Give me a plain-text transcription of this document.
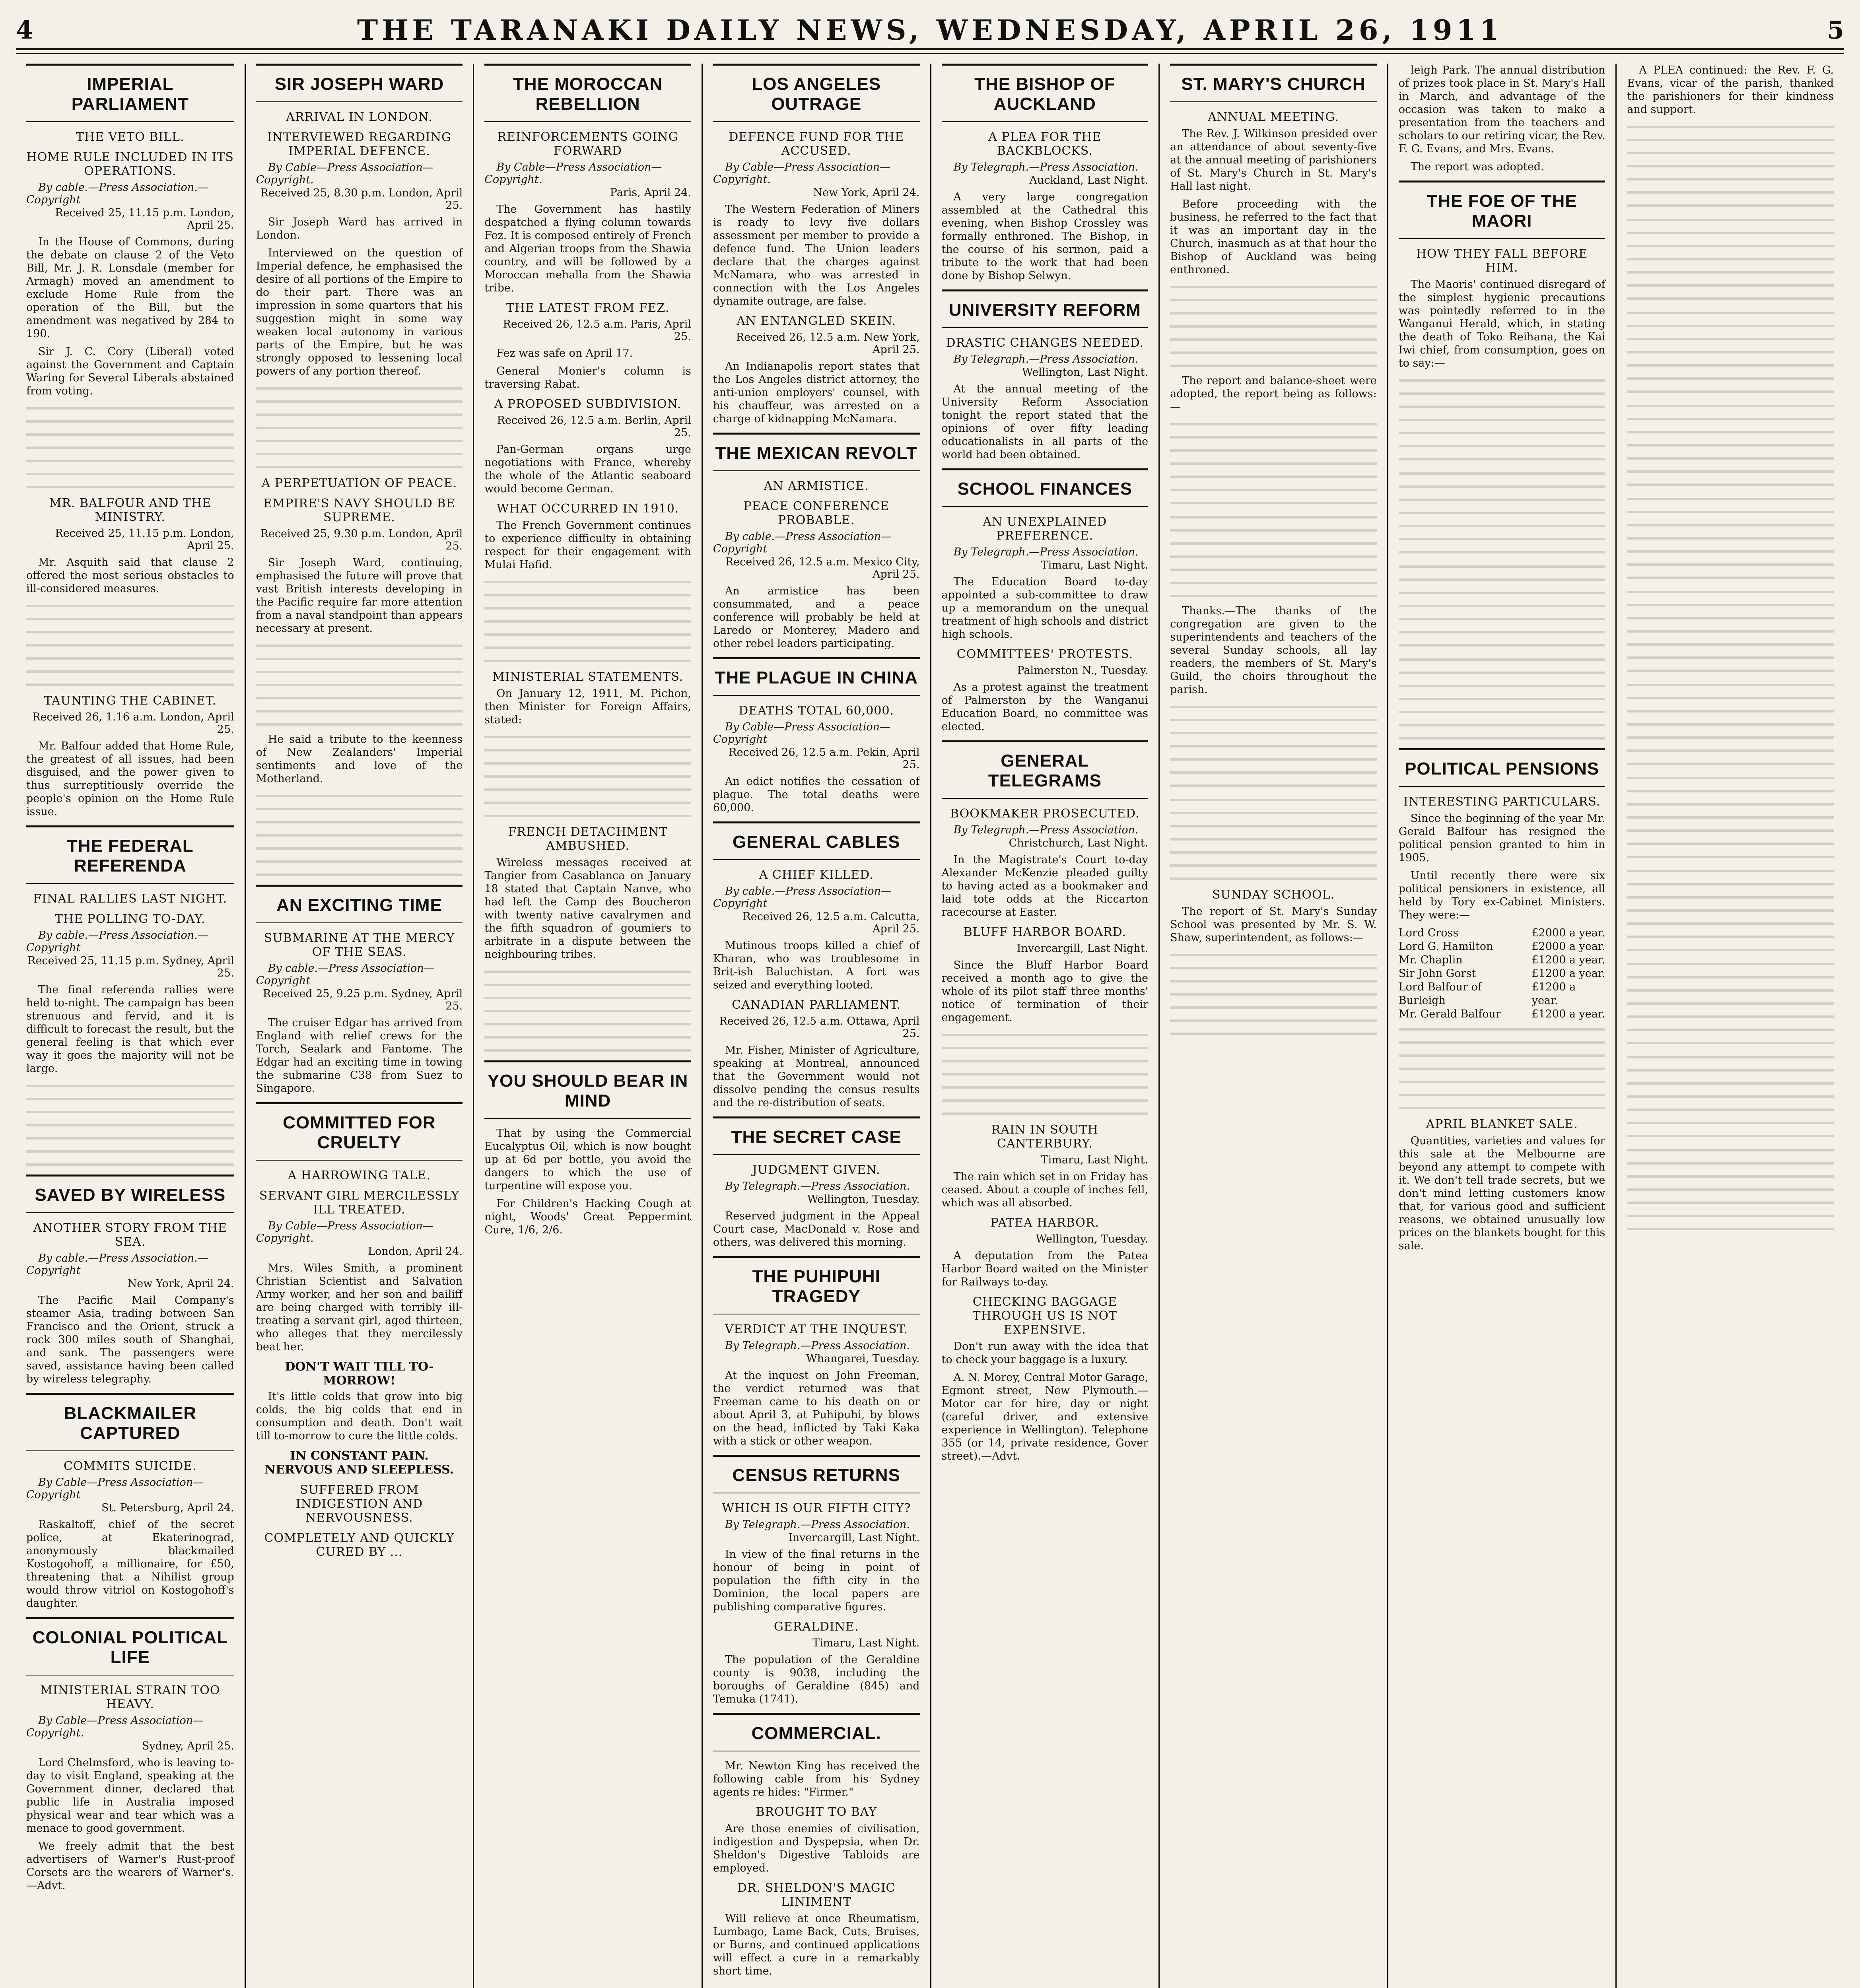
4	THE TARANAKI DAILY NEWS, WEDNESDAY, APRIL 26, 1911	5
IMPERIAL PARLIAMENT
THE VETO BILL.
HOME RULE INCLUDED IN ITS OPERATIONS.
By cable.—Press Association.—Copyright
Received 25, 11.15 p.m. London, April 25.
In the House of Commons, during the debate on clause 2 of the Veto Bill, Mr. J. R. Lonsdale (member for Armagh) moved an amendment to exclude Home Rule from the operation of the Bill, but the amendment was negatived by 284 to 190.
Sir J. C. Cory (Liberal) voted against the Government and Captain Waring for Several Liberals abstained from voting.
MR. BALFOUR AND THE MINISTRY.
Received 25, 11.15 p.m. London, April 25.
Mr. Asquith said that clause 2 offered the most serious obstacles to ill-considered measures.
TAUNTING THE CABINET.
Received 26, 1.16 a.m. London, April 25.
Mr. Balfour added that Home Rule, the greatest of all issues, had been disguised, and the power given to thus surreptitiously override the people's opinion on the Home Rule issue.
THE FEDERAL REFERENDA
FINAL RALLIES LAST NIGHT.
THE POLLING TO-DAY.
By cable.—Press Association.—Copyright
Received 25, 11.15 p.m. Sydney, April 25.
The final referenda rallies were held to-night. The campaign has been strenuous and fervid, and it is difficult to forecast the result, but the general feeling is that which ever way it goes the majority will not be large.
SAVED BY WIRELESS
ANOTHER STORY FROM THE SEA.
By cable.—Press Association.—Copyright
New York, April 24.
The Pacific Mail Company's steamer Asia, trading between San Francisco and the Orient, struck a rock 300 miles south of Shanghai, and sank. The passengers were saved, assistance having been called by wireless telegraphy.
BLACKMAILER CAPTURED
COMMITS SUICIDE.
By Cable—Press Association—Copyright
St. Petersburg, April 24.
Raskaltoff, chief of the secret police, at Ekaterinograd, anonymously blackmailed Kostogohoff, a millionaire, for £50, threatening that a Nihilist group would throw vitriol on Kostogohoff's daughter.
COLONIAL POLITICAL LIFE
MINISTERIAL STRAIN TOO HEAVY.
By Cable—Press Association—Copyright.
Sydney, April 25.
Lord Chelmsford, who is leaving to-day to visit England, speaking at the Government dinner, declared that public life in Australia imposed physical wear and tear which was a menace to good government.
We freely admit that the best advertisers of Warner's Rust-proof Corsets are the wearers of Warner's.—Advt.
SIR JOSEPH WARD
ARRIVAL IN LONDON.
INTERVIEWED REGARDING IMPERIAL DEFENCE.
By Cable—Press Association—Copyright.
Received 25, 8.30 p.m. London, April 25.
Sir Joseph Ward has arrived in London.
Interviewed on the question of Imperial defence, he emphasised the desire of all portions of the Empire to do their part. There was an impression in some quarters that his suggestion might in some way weaken local autonomy in various parts of the Empire, but he was strongly opposed to lessening local powers of any portion thereof.
A PERPETUATION OF PEACE.
EMPIRE'S NAVY SHOULD BE SUPREME.
Received 25, 9.30 p.m. London, April 25.
Sir Joseph Ward, continuing, emphasised the future will prove that vast British interests developing in the Pacific require far more attention from a naval standpoint than appears necessary at present.
He said a tribute to the keenness of New Zealanders' Imperial sentiments and love of the Motherland.
AN EXCITING TIME
SUBMARINE AT THE MERCY OF THE SEAS.
By cable.—Press Association—Copyright
Received 25, 9.25 p.m. Sydney, April 25.
The cruiser Edgar has arrived from England with relief crews for the Torch, Sealark and Fantome. The Edgar had an exciting time in towing the submarine C38 from Suez to Singapore.
COMMITTED FOR CRUELTY
A HARROWING TALE.
SERVANT GIRL MERCILESSLY ILL TREATED.
By Cable—Press Association—Copyright.
London, April 24.
Mrs. Wiles Smith, a prominent Christian Scientist and Salvation Army worker, and her son and bailiff are being charged with terribly ill-treating a servant girl, aged thirteen, who alleges that they mercilessly beat her.
DON'T WAIT TILL TO-MORROW!
It's little colds that grow into big colds, the big colds that end in consumption and death. Don't wait till to-morrow to cure the little colds.
IN CONSTANT PAIN. NERVOUS AND SLEEPLESS.
SUFFERED FROM INDIGESTION AND NERVOUSNESS.
COMPLETELY AND QUICKLY CURED BY ...
THE MOROCCAN REBELLION
REINFORCEMENTS GOING FORWARD
By Cable—Press Association—Copyright.
Paris, April 24.
The Government has hastily despatched a flying column towards Fez. It is composed entirely of French and Algerian troops from the Shawia country, and will be followed by a Moroccan mehalla from the Shawia tribe.
THE LATEST FROM FEZ.
Received 26, 12.5 a.m. Paris, April 25.
Fez was safe on April 17.
General Monier's column is traversing Rabat.
A PROPOSED SUBDIVISION.
Received 26, 12.5 a.m. Berlin, April 25.
Pan-German organs urge negotiations with France, whereby the whole of the Atlantic seaboard would become German.
WHAT OCCURRED IN 1910.
The French Government continues to experience difficulty in obtaining respect for their engagement with Mulai Hafid.
MINISTERIAL STATEMENTS.
On January 12, 1911, M. Pichon, then Minister for Foreign Affairs, stated:
FRENCH DETACHMENT AMBUSHED.
Wireless messages received at Tangier from Casablanca on January 18 stated that Captain Nanve, who had left the Camp des Boucheron with twenty native cavalrymen and the fifth squadron of goumiers to arbitrate in a dispute between the neighbouring tribes.
YOU SHOULD BEAR IN MIND
That by using the Commercial Eucalyptus Oil, which is now bought up at 6d per bottle, you avoid the dangers to which the use of turpentine will expose you.
For Children's Hacking Cough at night, Woods' Great Peppermint Cure, 1/6, 2/6.
LOS ANGELES OUTRAGE
DEFENCE FUND FOR THE ACCUSED.
By Cable—Press Association—Copyright.
New York, April 24.
The Western Federation of Miners is ready to levy five dollars assessment per member to provide a defence fund. The Union leaders declare that the charges against McNamara, who was arrested in connection with the Los Angeles dynamite outrage, are false.
AN ENTANGLED SKEIN.
Received 26, 12.5 a.m. New York, April 25.
An Indianapolis report states that the Los Angeles district attorney, the anti-union employers' counsel, with his chauffeur, was arrested on a charge of kidnapping McNamara.
THE MEXICAN REVOLT
AN ARMISTICE.
PEACE CONFERENCE PROBABLE.
By cable.—Press Association—Copyright
Received 26, 12.5 a.m. Mexico City, April 25.
An armistice has been consummated, and a peace conference will probably be held at Laredo or Monterey, Madero and other rebel leaders participating.
THE PLAGUE IN CHINA
DEATHS TOTAL 60,000.
By Cable—Press Association—Copyright
Received 26, 12.5 a.m. Pekin, April 25.
An edict notifies the cessation of plague. The total deaths were 60,000.
GENERAL CABLES
A CHIEF KILLED.
By cable.—Press Association—Copyright
Received 26, 12.5 a.m. Calcutta, April 25.
Mutinous troops killed a chief of Kharan, who was troublesome in Brit-ish Baluchistan. A fort was seized and everything looted.
CANADIAN PARLIAMENT.
Received 26, 12.5 a.m. Ottawa, April 25.
Mr. Fisher, Minister of Agriculture, speaking at Montreal, announced that the Government would not dissolve pending the census results and the re-distribution of seats.
THE SECRET CASE
JUDGMENT GIVEN.
By Telegraph.—Press Association.
Wellington, Tuesday.
Reserved judgment in the Appeal Court case, MacDonald v. Rose and others, was delivered this morning.
THE PUHIPUHI TRAGEDY
VERDICT AT THE INQUEST.
By Telegraph.—Press Association.
Whangarei, Tuesday.
At the inquest on John Freeman, the verdict returned was that Freeman came to his death on or about April 3, at Puhipuhi, by blows on the head, inflicted by Taki Kaka with a stick or other weapon.
CENSUS RETURNS
WHICH IS OUR FIFTH CITY?
By Telegraph.—Press Association.
Invercargill, Last Night.
In view of the final returns in the honour of being in point of population the fifth city in the Dominion, the local papers are publishing comparative figures.
GERALDINE.
Timaru, Last Night.
The population of the Geraldine county is 9038, including the boroughs of Geraldine (845) and Temuka (1741).
COMMERCIAL.
Mr. Newton King has received the following cable from his Sydney agents re hides: "Firmer."
BROUGHT TO BAY
Are those enemies of civilisation, indigestion and Dyspepsia, when Dr. Sheldon's Digestive Tabloids are employed.
DR. SHELDON'S MAGIC LINIMENT
Will relieve at once Rheumatism, Lumbago, Lame Back, Cuts, Bruises, or Burns, and continued applications will effect a cure in a remarkably short time.
THE BISHOP OF AUCKLAND
A PLEA FOR THE BACKBLOCKS.
By Telegraph.—Press Association.
Auckland, Last Night.
A very large congregation assembled at the Cathedral this evening, when Bishop Crossley was formally enthroned. The Bishop, in the course of his sermon, paid a tribute to the work that had been done by Bishop Selwyn.
UNIVERSITY REFORM
DRASTIC CHANGES NEEDED.
By Telegraph.—Press Association.
Wellington, Last Night.
At the annual meeting of the University Reform Association tonight the report stated that the opinions of over fifty leading educationalists in all parts of the world had been obtained.
SCHOOL FINANCES
AN UNEXPLAINED PREFERENCE.
By Telegraph.—Press Association.
Timaru, Last Night.
The Education Board to-day appointed a sub-committee to draw up a memorandum on the unequal treatment of high schools and district high schools.
COMMITTEES' PROTESTS.
Palmerston N., Tuesday.
As a protest against the treatment of Palmerston by the Wanganui Education Board, no committee was elected.
GENERAL TELEGRAMS
BOOKMAKER PROSECUTED.
By Telegraph.—Press Association.
Christchurch, Last Night.
In the Magistrate's Court to-day Alexander McKenzie pleaded guilty to having acted as a bookmaker and laid tote odds at the Riccarton racecourse at Easter.
BLUFF HARBOR BOARD.
Invercargill, Last Night.
Since the Bluff Harbor Board received a month ago to give the whole of its pilot staff three months' notice of termination of their engagement.
RAIN IN SOUTH CANTERBURY.
Timaru, Last Night.
The rain which set in on Friday has ceased. About a couple of inches fell, which was all absorbed.
PATEA HARBOR.
Wellington, Tuesday.
A deputation from the Patea Harbor Board waited on the Minister for Railways to-day.
CHECKING BAGGAGE THROUGH US IS NOT EXPENSIVE.
Don't run away with the idea that to check your baggage is a luxury.
A. N. Morey, Central Motor Garage, Egmont street, New Plymouth.—Motor car for hire, day or night (careful driver, and extensive experience in Wellington). Telephone 355 (or 14, private residence, Gover street).—Advt.
ST. MARY'S CHURCH
ANNUAL MEETING.
The Rev. J. Wilkinson presided over an attendance of about seventy-five at the annual meeting of parishioners of St. Mary's Church in St. Mary's Hall last night.
Before proceeding with the business, he referred to the fact that it was an important day in the Church, inasmuch as at that hour the Bishop of Auckland was being enthroned.
The report and balance-sheet were adopted, the report being as follows:—
Thanks.—The thanks of the congregation are given to the superintendents and teachers of the several Sunday schools, all lay readers, the members of St. Mary's Guild, the choirs throughout the parish.
SUNDAY SCHOOL.
The report of St. Mary's Sunday School was presented by Mr. S. W. Shaw, superintendent, as follows:—
leigh Park. The annual distribution of prizes took place in St. Mary's Hall in March, and advantage of the occasion was taken to make a presentation from the teachers and scholars to our retiring vicar, the Rev. F. G. Evans, and Mrs. Evans.
The report was adopted.
THE FOE OF THE MAORI
HOW THEY FALL BEFORE HIM.
The Maoris' continued disregard of the simplest hygienic precautions was pointedly referred to in the Wanganui Herald, which, in stating the death of Toko Reihana, the Kai Iwi chief, from consumption, goes on to say:—
POLITICAL PENSIONS
INTERESTING PARTICULARS.
Since the beginning of the year Mr. Gerald Balfour has resigned the political pension granted to him in 1905.
Until recently there were six political pensioners in existence, all held by Tory ex-Cabinet Ministers. They were:—
Lord Cross	£2000 a year.
Lord G. Hamilton	£2000 a year.
Mr. Chaplin	£1200 a year.
Sir John Gorst	£1200 a year.
Lord Balfour of Burleigh
£1200 a year.
Mr. Gerald Balfour	£1200 a year.
APRIL BLANKET SALE.
Quantities, varieties and values for this sale at the Melbourne are beyond any attempt to compete with it. We don't tell trade secrets, but we don't mind letting customers know that, for various good and sufficient reasons, we obtained unusually low prices on the blankets bought for this sale.
A PLEA continued: the Rev. F. G. Evans, vicar of the parish, thanked the parishioners for their kindness and support.
